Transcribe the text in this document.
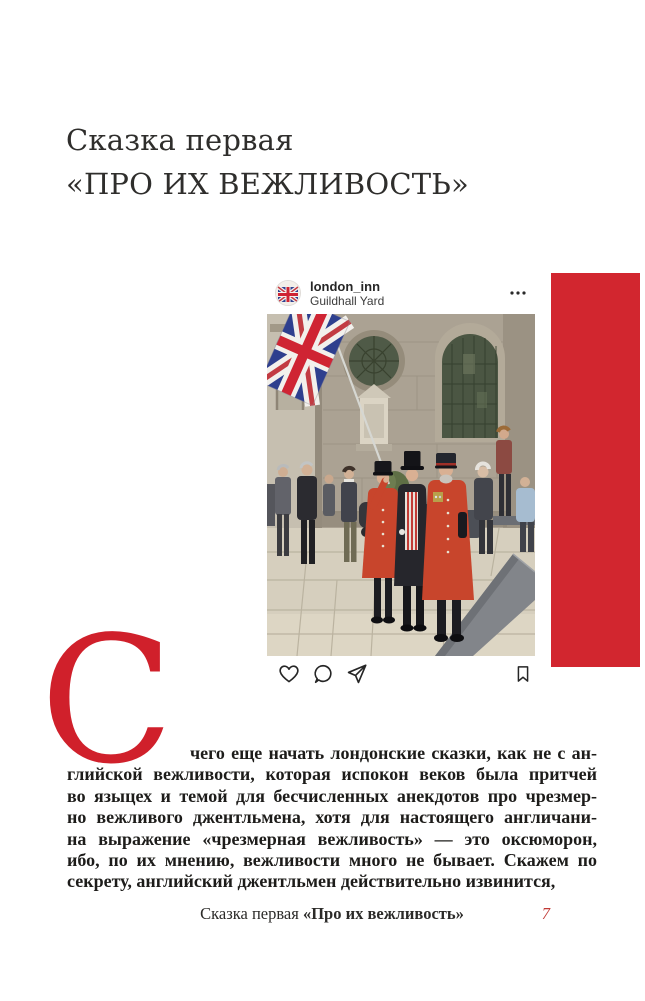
Сказка первая
«ПРО ИХ ВЕЖЛИВОСТЬ»
london_inn
Guildhall Yard
С чего еще начать лондонские сказки, как не с ан-
глийской вежливости, которая испокон веков была притчей
во языцех и темой для бесчисленных анекдотов про чрезмер-
но вежливого джентльмена, хотя для настоящего англичани-
на выражение «чрезмерная вежливость» — это оксюморон,
ибо, по их мнению, вежливости много не бывает. Скажем по
секрету, английский джентльмен действительно извинится,
Сказка первая «Про их вежливость»	7
